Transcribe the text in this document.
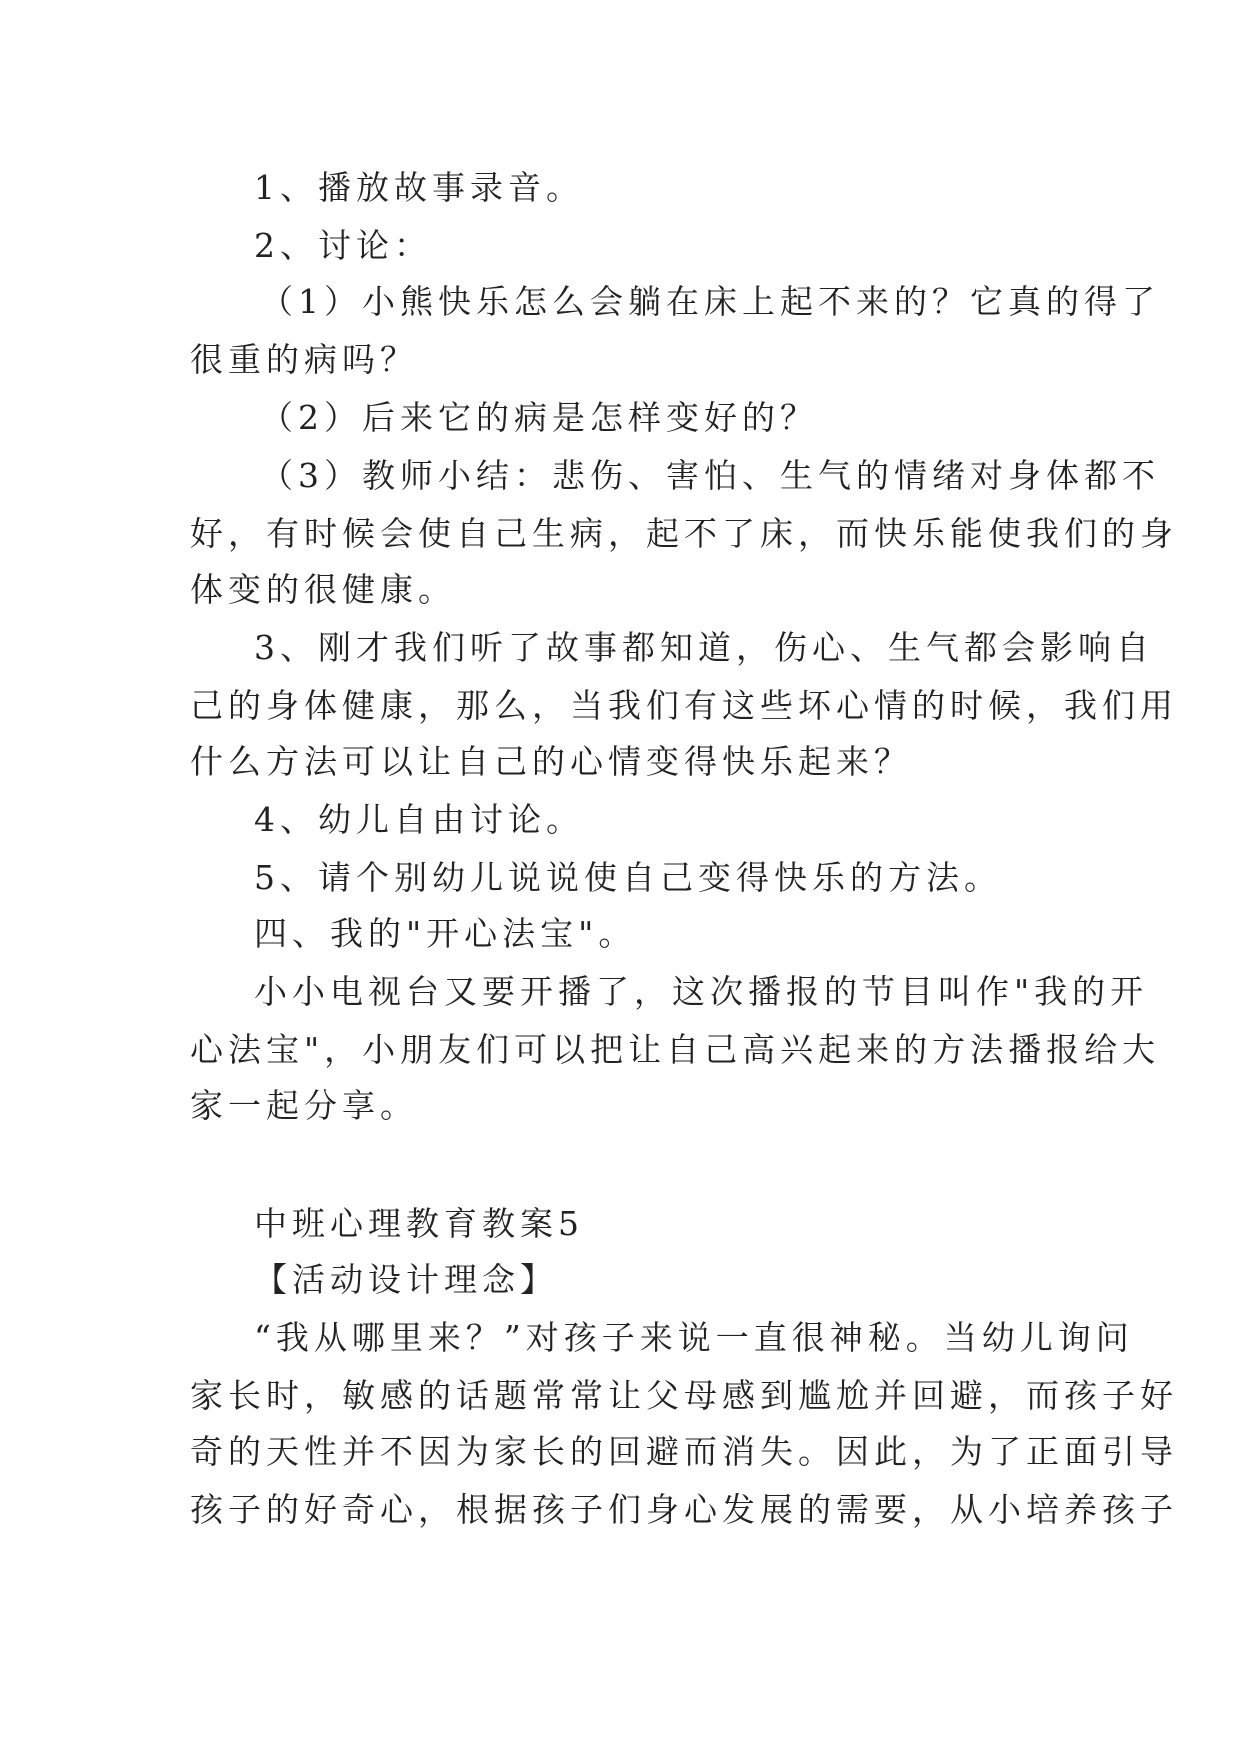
1、播放故事录音。
2、讨论：
（1）小熊快乐怎么会躺在床上起不来的？它真的得了
很重的病吗？
（2）后来它的病是怎样变好的？
（3）教师小结：悲伤、害怕、生气的情绪对身体都不
好，有时候会使自己生病，起不了床，而快乐能使我们的身
体变的很健康。
3、刚才我们听了故事都知道，伤心、生气都会影响自
己的身体健康，那么，当我们有这些坏心情的时候，我们用
什么方法可以让自己的心情变得快乐起来？
4、幼儿自由讨论。
5、请个别幼儿说说使自己变得快乐的方法。
四、我的"开心法宝"。
小小电视台又要开播了，这次播报的节目叫作"我的开
心法宝"，小朋友们可以把让自己高兴起来的方法播报给大
家一起分享。
中班心理教育教案5
【活动设计理念】
“我从哪里来？”对孩子来说一直很神秘。当幼儿询问
家长时，敏感的话题常常让父母感到尴尬并回避，而孩子好
奇的天性并不因为家长的回避而消失。因此，为了正面引导
孩子的好奇心，根据孩子们身心发展的需要，从小培养孩子
